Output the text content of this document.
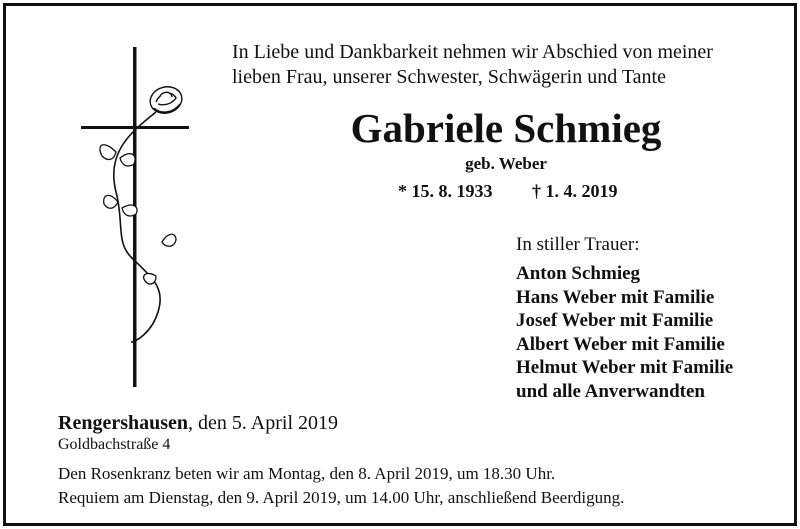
In Liebe und Dankbarkeit nehmen wir Abschied von meiner
lieben Frau, unserer Schwester, Schwägerin und Tante
Gabriele Schmieg
geb. Weber
* 15. 8. 1933 † 1. 4. 2019
In stiller Trauer:
Anton Schmieg
Hans Weber mit Familie
Josef Weber mit Familie
Albert Weber mit Familie
Helmut Weber mit Familie
und alle Anverwandten
Rengershausen, den 5. April 2019
Goldbachstraße 4
Den Rosenkranz beten wir am Montag, den 8. April 2019, um 18.30 Uhr.
Requiem am Dienstag, den 9. April 2019, um 14.00 Uhr, anschließend Beerdigung.
